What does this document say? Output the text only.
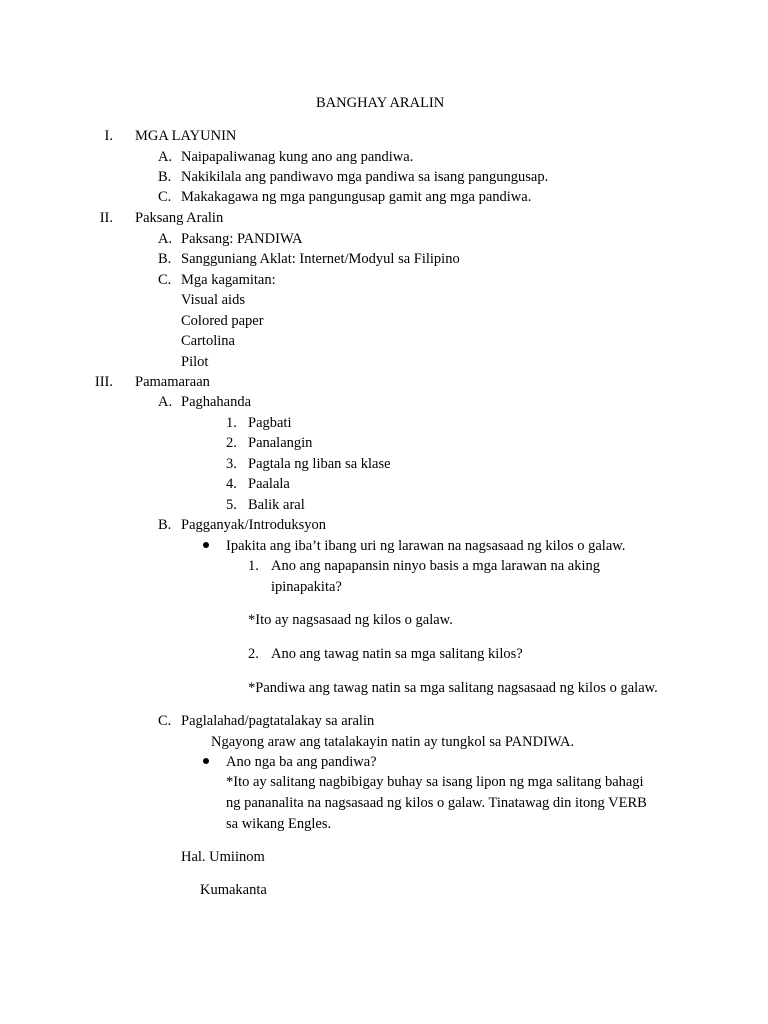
BANGHAY ARALIN
I. MGA LAYUNIN
A. Naipapaliwanag kung ano ang pandiwa.
B. Nakikilala ang pandiwavo mga pandiwa sa isang pangungusap.
C. Makakagawa ng mga pangungusap gamit ang mga pandiwa.
II. Paksang Aralin
A. Paksang: PANDIWA
B. Sangguniang Aklat: Internet/Modyul sa Filipino
C. Mga kagamitan:
Visual aids
Colored paper
Cartolina
Pilot
III. Pamamaraan
A. Paghahanda
1. Pagbati
2. Panalangin
3. Pagtala ng liban sa klase
4. Paalala
5. Balik aral
B. Pagganyak/Introduksyon
Ipakita ang iba’t ibang uri ng larawan na nagsasaad ng kilos o galaw.
1. Ano ang napapansin ninyo basis a mga larawan na aking
ipinapakita?
*Ito ay nagsasaad ng kilos o galaw.
2. Ano ang tawag natin sa mga salitang kilos?
*Pandiwa ang tawag natin sa mga salitang nagsasaad ng kilos o galaw.
C. Paglalahad/pagtatalakay sa aralin
Ngayong araw ang tatalakayin natin ay tungkol sa PANDIWA.
Ano nga ba ang pandiwa?
*Ito ay salitang nagbibigay buhay sa isang lipon ng mga salitang bahagi
ng pananalita na nagsasaad ng kilos o galaw. Tinatawag din itong VERB
sa wikang Engles.
Hal. Umiinom
Kumakanta
